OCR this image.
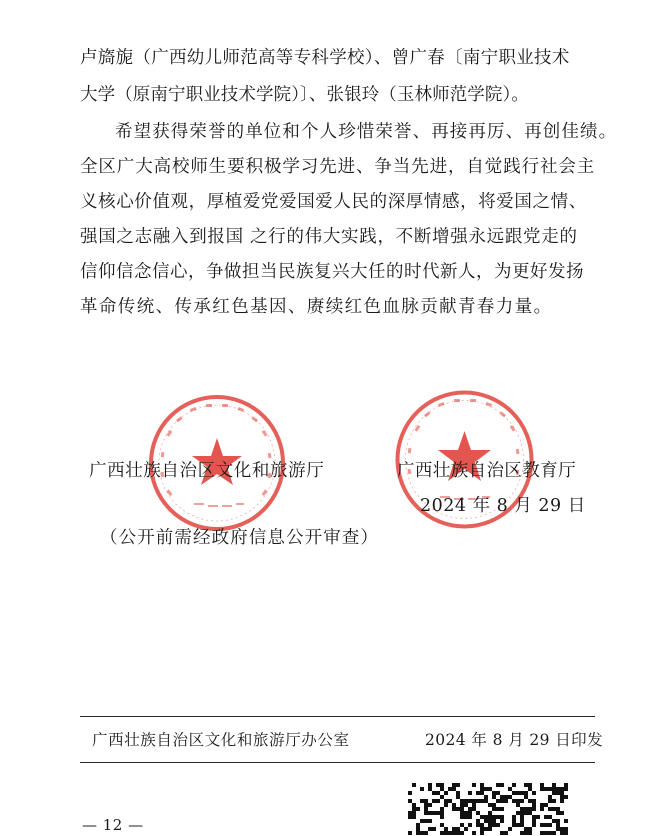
卢旖旎（广西幼儿师范高等专科学校）、曾广春〔南宁职业技术
大学（原南宁职业技术学院）〕、张银玲（玉林师范学院）。
希望获得荣誉的单位和个人珍惜荣誉、再接再厉、再创佳绩。
全区广大高校师生要积极学习先进、争当先进，自觉践行社会主
义核心价值观，厚植爱党爱国爱人民的深厚情感，将爱国之情、
强国之志融入到报国 之行的伟大实践，不断增强永远跟党走的
信仰信念信心，争做担当民族复兴大任的时代新人，为更好发扬
革命传统、传承红色基因、赓续红色血脉贡献青春力量。
广西壮族自治区文化和旅游厅	广西壮族自治区教育厅
2024 年 8 月 29 日
（公开前需经政府信息公开审查）
广西壮族自治区文化和旅游厅办公室	2024 年 8 月 29 日印发
— 12 —
